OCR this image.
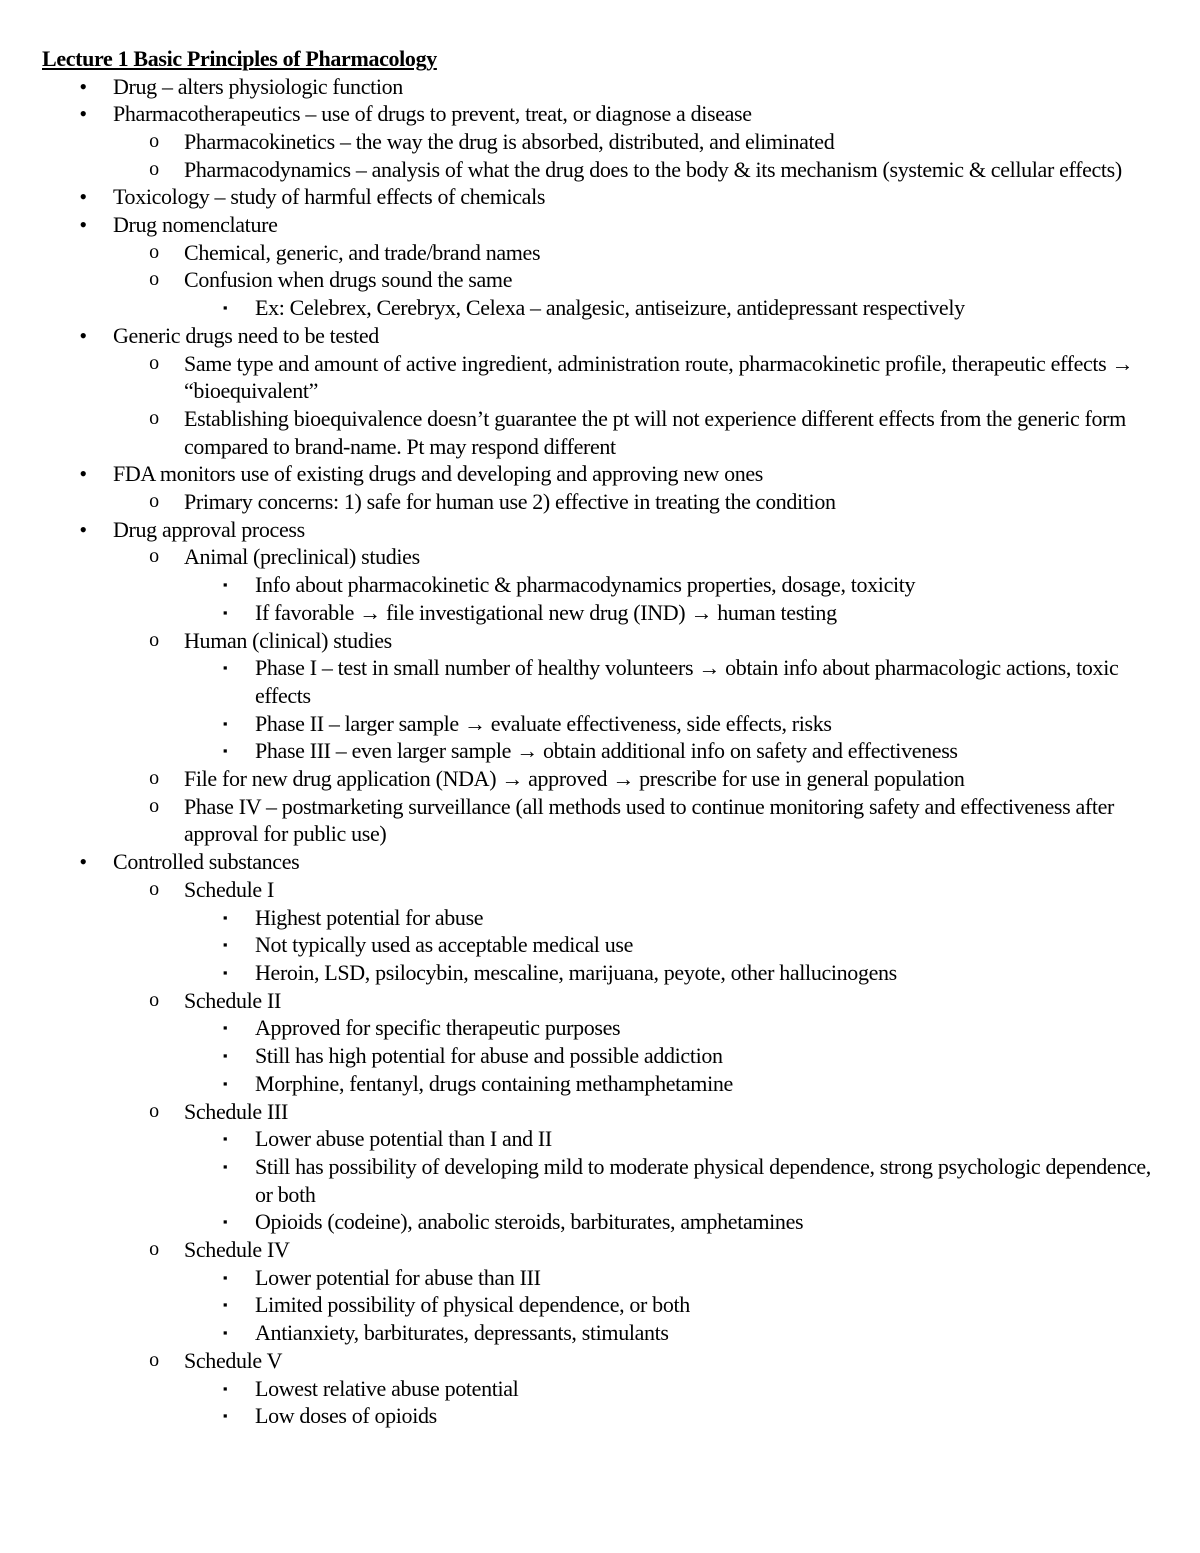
Lecture 1 Basic Principles of Pharmacology
• Drug – alters physiologic function
• Pharmacotherapeutics – use of drugs to prevent, treat, or diagnose a disease
o Pharmacokinetics – the way the drug is absorbed, distributed, and eliminated
o Pharmacodynamics – analysis of what the drug does to the body & its mechanism (systemic & cellular effects)
• Toxicology – study of harmful effects of chemicals
• Drug nomenclature
o Chemical, generic, and trade/brand names
o Confusion when drugs sound the same
▪ Ex: Celebrex, Cerebryx, Celexa – analgesic, antiseizure, antidepressant respectively
• Generic drugs need to be tested
o Same type and amount of active ingredient, administration route, pharmacokinetic profile, therapeutic effects → “bioequivalent”
o Establishing bioequivalence doesn’t guarantee the pt will not experience different effects from the generic form compared to brand-name. Pt may respond different
• FDA monitors use of existing drugs and developing and approving new ones
o Primary concerns: 1) safe for human use 2) effective in treating the condition
• Drug approval process
o Animal (preclinical) studies
▪ Info about pharmacokinetic & pharmacodynamics properties, dosage, toxicity
▪ If favorable → file investigational new drug (IND) → human testing
o Human (clinical) studies
▪ Phase I – test in small number of healthy volunteers → obtain info about pharmacologic actions, toxic effects
▪ Phase II – larger sample → evaluate effectiveness, side effects, risks
▪ Phase III – even larger sample → obtain additional info on safety and effectiveness
o File for new drug application (NDA) → approved → prescribe for use in general population
o Phase IV – postmarketing surveillance (all methods used to continue monitoring safety and effectiveness after approval for public use)
• Controlled substances
o Schedule I
▪ Highest potential for abuse
▪ Not typically used as acceptable medical use
▪ Heroin, LSD, psilocybin, mescaline, marijuana, peyote, other hallucinogens
o Schedule II
▪ Approved for specific therapeutic purposes
▪ Still has high potential for abuse and possible addiction
▪ Morphine, fentanyl, drugs containing methamphetamine
o Schedule III
▪ Lower abuse potential than I and II
▪ Still has possibility of developing mild to moderate physical dependence, strong psychologic dependence, or both
▪ Opioids (codeine), anabolic steroids, barbiturates, amphetamines
o Schedule IV
▪ Lower potential for abuse than III
▪ Limited possibility of physical dependence, or both
▪ Antianxiety, barbiturates, depressants, stimulants
o Schedule V
▪ Lowest relative abuse potential
▪ Low doses of opioids
